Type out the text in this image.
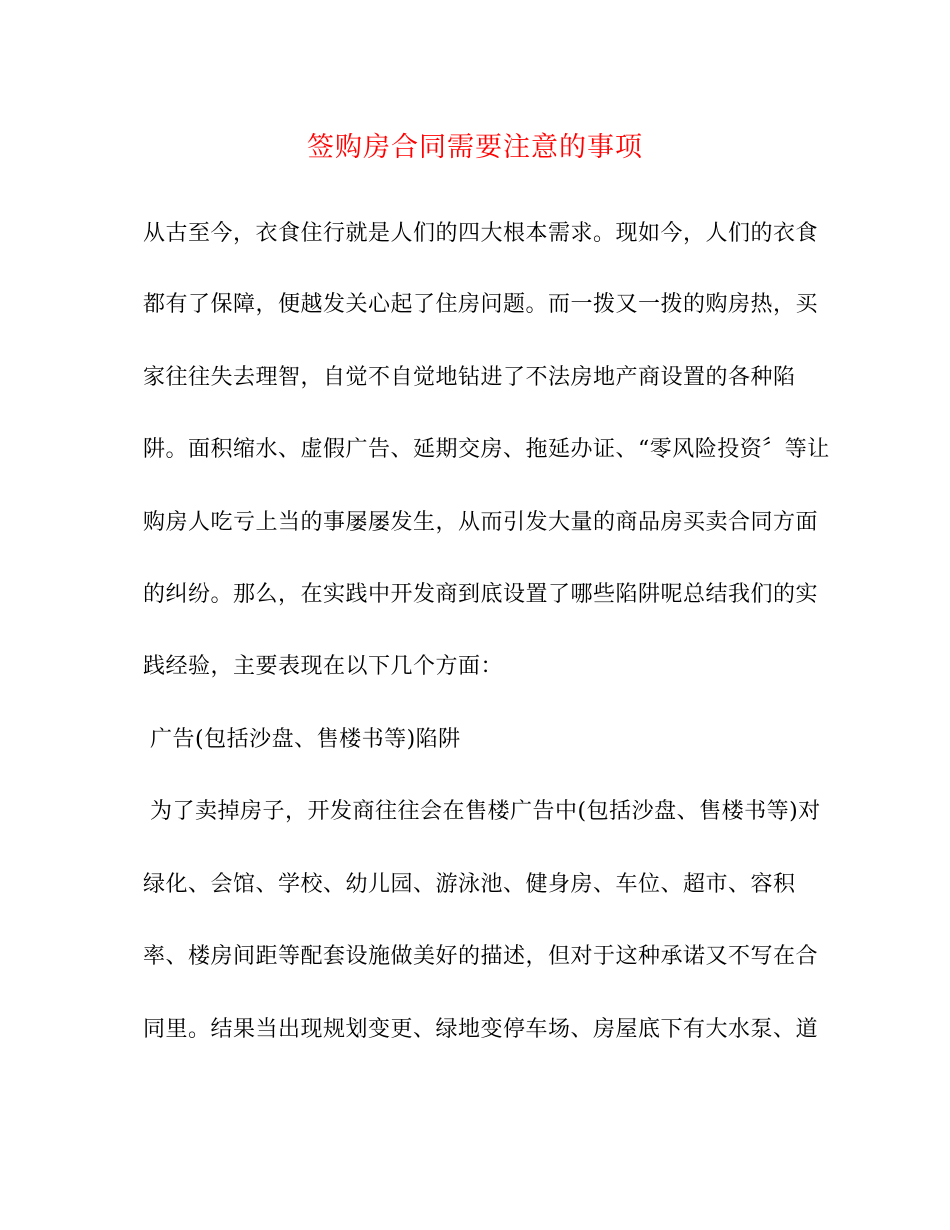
签购房合同需要注意的事项
从古至今，衣食住行就是人们的四大根本需求。现如今，人们的衣食
都有了保障，便越发关心起了住房问题。而一拨又一拨的购房热，买
家往往失去理智，自觉不自觉地钻进了不法房地产商设置的各种陷
阱。面积缩水、虚假广告、延期交房、拖延办证、“零风险投资〞等让
购房人吃亏上当的事屡屡发生，从而引发大量的商品房买卖合同方面
的纠纷。那么，在实践中开发商到底设置了哪些陷阱呢总结我们的实
践经验，主要表现在以下几个方面：
广告(包括沙盘、售楼书等)陷阱
为了卖掉房子，开发商往往会在售楼广告中(包括沙盘、售楼书等)对
绿化、会馆、学校、幼儿园、游泳池、健身房、车位、超市、容积
率、楼房间距等配套设施做美好的描述，但对于这种承诺又不写在合
同里。结果当出现规划变更、绿地变停车场、房屋底下有大水泵、道
